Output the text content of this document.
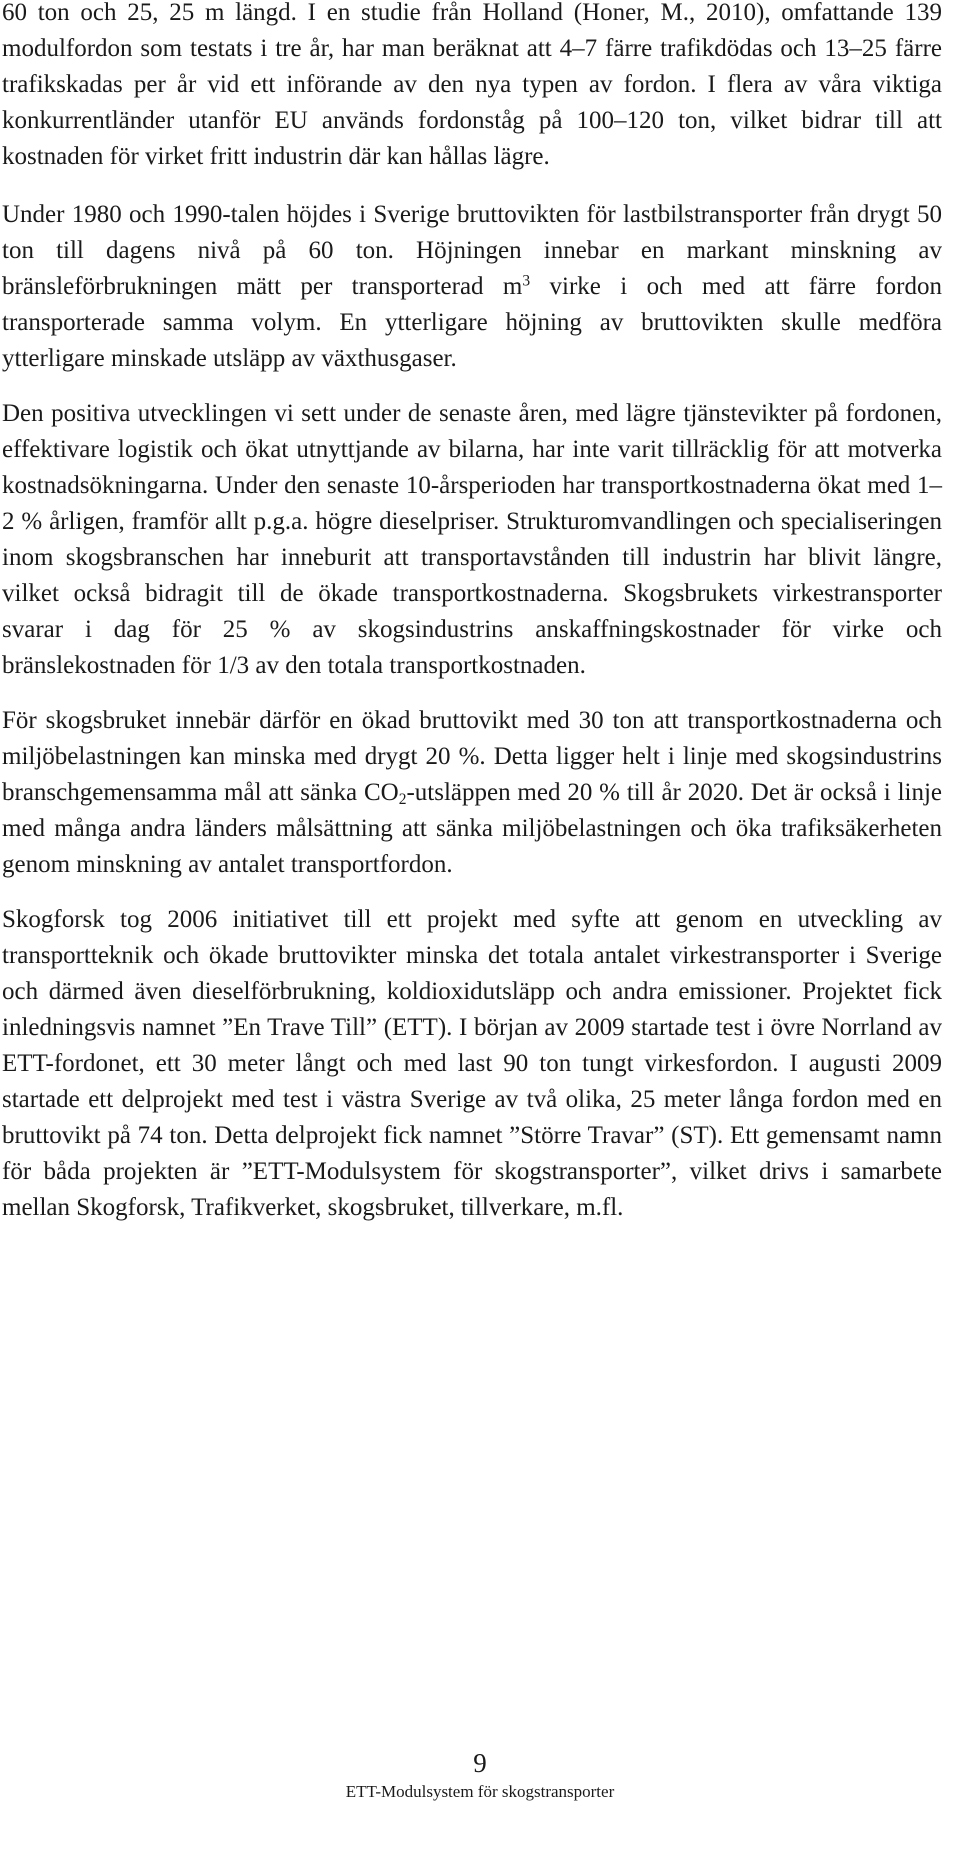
60 ton och 25, 25 m längd. I en studie från Holland (Honer, M., 2010), omfattande 139 modulfordon som testats i tre år, har man beräknat att 4–7 färre trafikdödas och 13–25 färre trafikskadas per år vid ett införande av den nya typen av fordon. I flera av våra viktiga konkurrentländer utanför EU används fordonståg på 100–120 ton, vilket bidrar till att kostnaden för virket fritt industrin där kan hållas lägre.

Under 1980 och 1990-talen höjdes i Sverige bruttovikten för lastbilstransporter från drygt 50 ton till dagens nivå på 60 ton. Höjningen innebar en markant minskning av bränsleförbrukningen mätt per transporterad $m^3$ virke i och med att färre fordon transporterade samma volym. En ytterligare höjning av bruttovikten skulle medföra ytterligare minskade utsläpp av växthusgaser.

Den positiva utvecklingen vi sett under de senaste åren, med lägre tjänstevikter på fordonen, effektivare logistik och ökat utnyttjande av bilarna, har inte varit tillräcklig för att motverka kostnadsökningarna. Under den senaste 10-årsperioden har transportkostnaderna ökat med 1–2 % årligen, framför allt p.g.a. högre dieselpriser. Strukturomvandlingen och specialiseringen inom skogsbranschen har inneburit att transportavstånden till industrin har blivit längre, vilket också bidragit till de ökade transportkostnaderna. Skogsbrukets virkestransporter svarar i dag för 25 % av skogsindustrins anskaffningskostnader för virke och bränslekostnaden för 1/3 av den totala transportkostnaden.

För skogsbruket innebär därför en ökad bruttovikt med 30 ton att transportkostnaderna och miljöbelastningen kan minska med drygt 20 %. Detta ligger helt i linje med skogsindustrins branschgemensamma mål att sänka $CO_2$-utsläppen med 20 % till år 2020. Det är också i linje med många andra länders målsättning att sänka miljöbelastningen och öka trafiksäkerheten genom minskning av antalet transportfordon.

Skogforsk tog 2006 initiativet till ett projekt med syfte att genom en utveckling av transportteknik och ökade bruttovikter minska det totala antalet virkestransporter i Sverige och därmed även dieselförbrukning, koldioxidutsläpp och andra emissioner. Projektet fick inledningsvis namnet ”En Trave Till” (ETT). I början av 2009 startade test i övre Norrland av ETT-fordonet, ett 30 meter långt och med last 90 ton tungt virkesfordon. I augusti 2009 startade ett delprojekt med test i västra Sverige av två olika, 25 meter långa fordon med en bruttovikt på 74 ton. Detta delprojekt fick namnet ”Större Travar” (ST). Ett gemensamt namn för båda projekten är ”ETT-Modulsystem för skogstransporter”, vilket drivs i samarbete mellan Skogforsk, Trafikverket, skogsbruket, tillverkare, m.fl.

9
ETT-Modulsystem för skogstransporter
